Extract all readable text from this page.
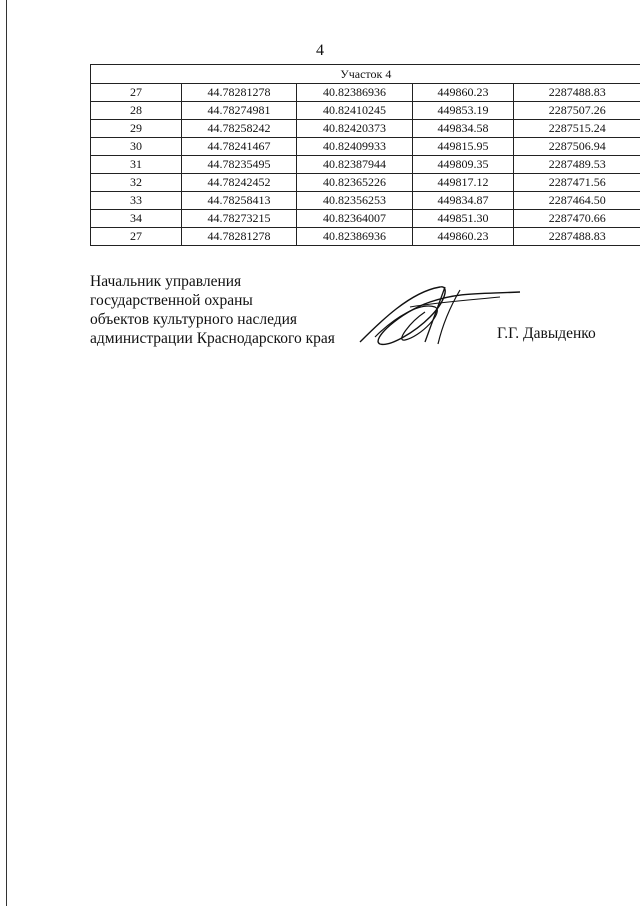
4
Участок 4				
27	44.78281278	40.82386936	449860.23	2287488.83
28	44.78274981	40.82410245	449853.19	2287507.26
29	44.78258242	40.82420373	449834.58	2287515.24
30	44.78241467	40.82409933	449815.95	2287506.94
31	44.78235495	40.82387944	449809.35	2287489.53
32	44.78242452	40.82365226	449817.12	2287471.56
33	44.78258413	40.82356253	449834.87	2287464.50
34	44.78273215	40.82364007	449851.30	2287470.66
27	44.78281278	40.82386936	449860.23	2287488.83
Начальник управления
государственной охраны
объектов культурного наследия
администрации Краснодарского края	Г.Г. Давыденко
